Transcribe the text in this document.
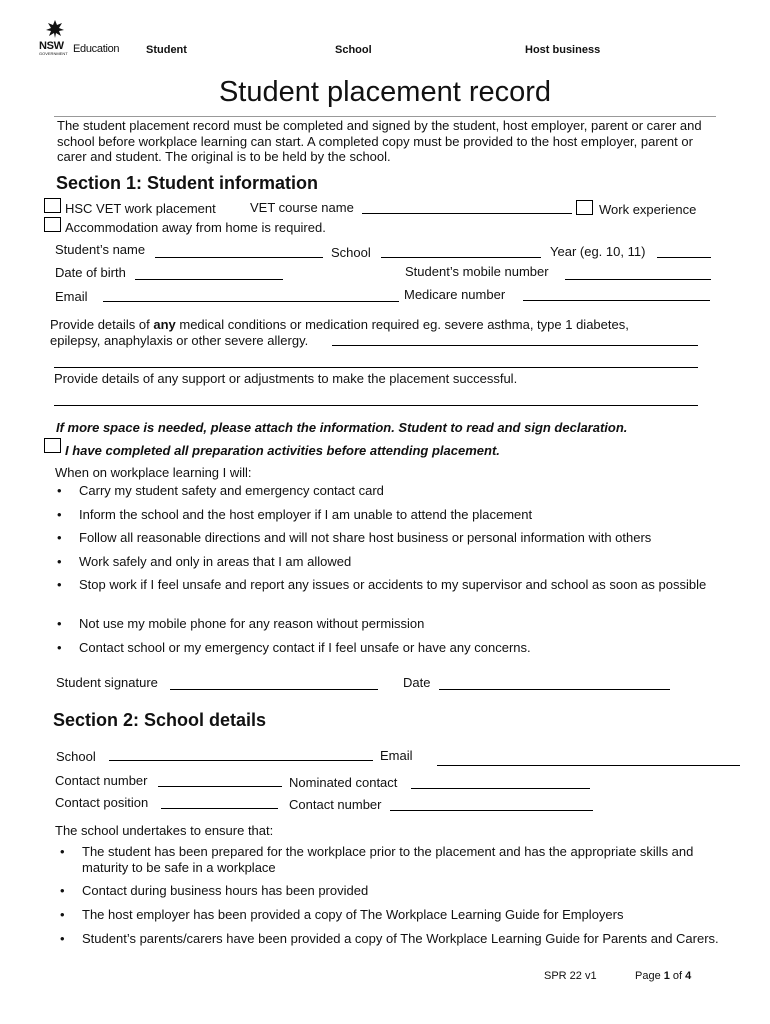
NSW
GOVERNMENT Education Student	School	Host business
Student placement record
The student placement record must be completed and signed by the student, host employer, parent or carer and school before workplace learning can start. A completed copy must be provided to the host employer, parent or carer and student. The original is to be held by the school.
Section 1: Student information
HSC VET work placement	VET course name	Work experience
Accommodation away from home is required.
Student’s name	School	Year (eg. 10, 11)
Date of birth	Student’s mobile number
Email	Medicare number
Provide details of any medical conditions or medication required eg. severe asthma, type 1 diabetes,
epilepsy, anaphylaxis or other severe allergy.
Provide details of any support or adjustments to make the placement successful.
If more space is needed, please attach the information. Student to read and sign declaration.
I have completed all preparation activities before attending placement.
When on workplace learning I will:
• Carry my student safety and emergency contact card
• Inform the school and the host employer if I am unable to attend the placement
• Follow all reasonable directions and will not share host business or personal information with others
• Work safely and only in areas that I am allowed
• Stop work if I feel unsafe and report any issues or accidents to my supervisor and school as soon as possible
• Not use my mobile phone for any reason without permission
• Contact school or my emergency contact if I feel unsafe or have any concerns.
Student signature	Date
Section 2: School details
School	Email
Contact number	Nominated contact
Contact position	Contact number
The school undertakes to ensure that:
• The student has been prepared for the workplace prior to the placement and has the appropriate skills and maturity to be safe in a workplace
• Contact during business hours has been provided
• The host employer has been provided a copy of The Workplace Learning Guide for Employers
• Student’s parents/carers have been provided a copy of The Workplace Learning Guide for Parents and Carers.
SPR 22 v1	Page 1 of 4
